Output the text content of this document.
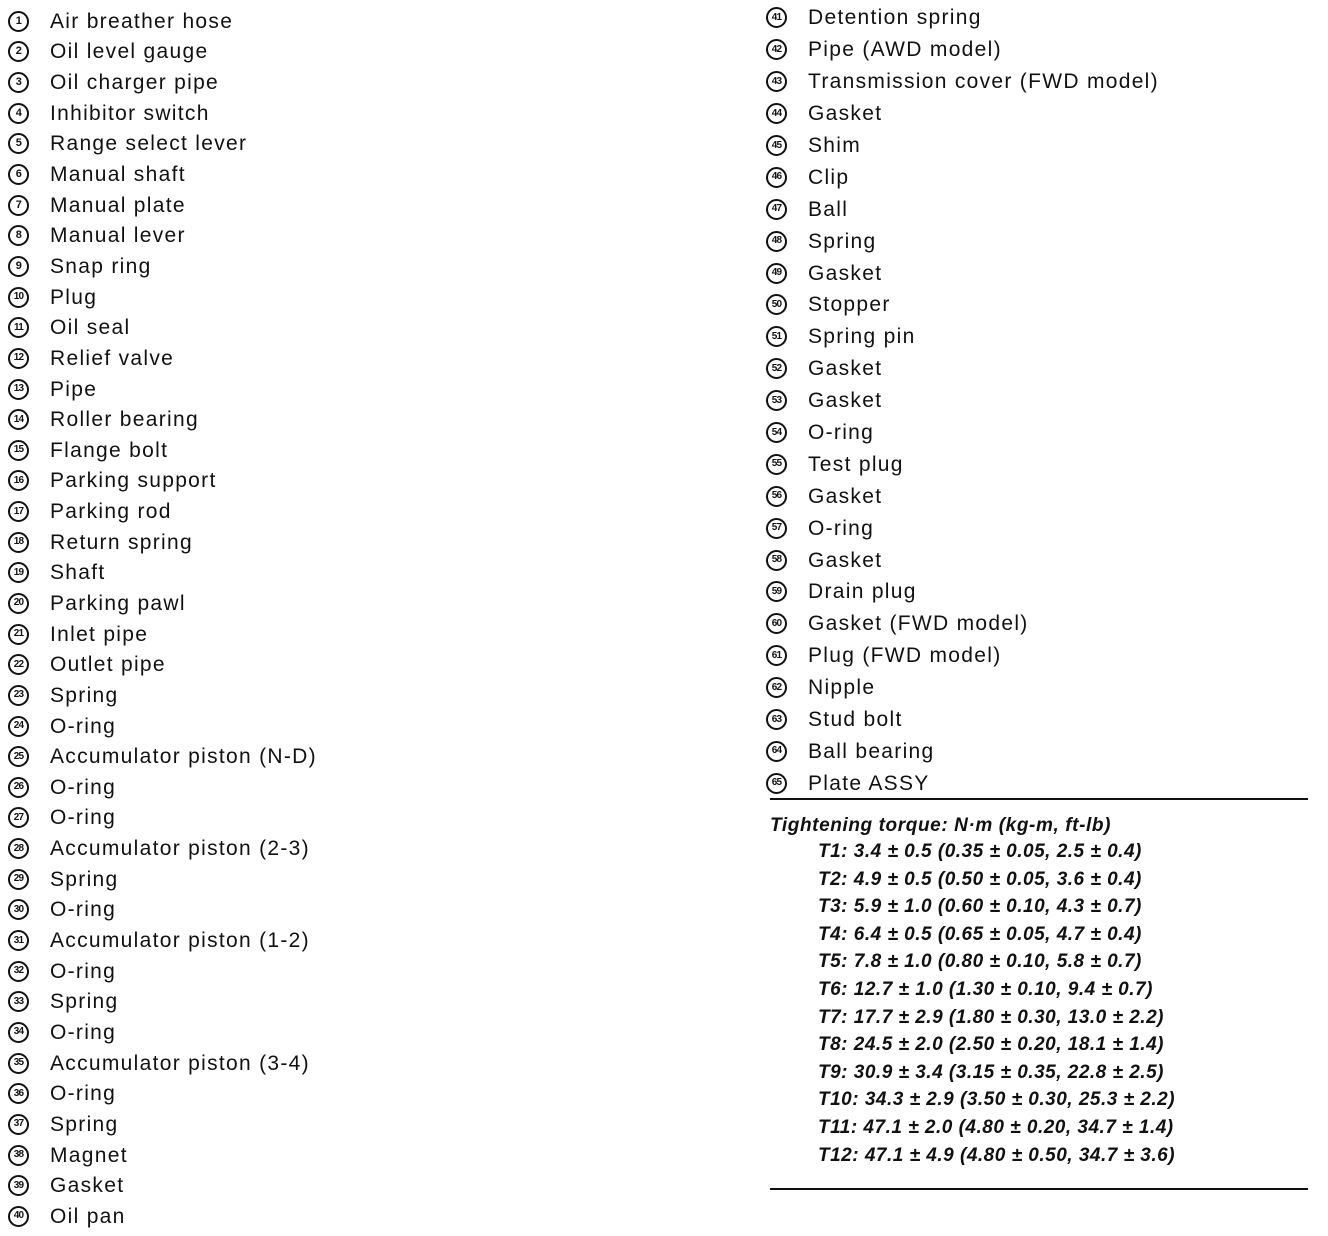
1	Air breather hose
2	Oil level gauge
3	Oil charger pipe
4	Inhibitor switch
5	Range select lever
6	Manual shaft
7	Manual plate
8	Manual lever
9	Snap ring
10 Plug
11 Oil seal
12 Relief valve
13 Pipe
14 Roller bearing
15 Flange bolt
16 Parking support
17 Parking rod
18 Return spring
19 Shaft
20 Parking pawl
21 Inlet pipe
22 Outlet pipe
23 Spring
24 O-ring
25 Accumulator piston (N-D)
26 O-ring
27 O-ring
28 Accumulator piston (2-3)
29 Spring
30 O-ring
31 Accumulator piston (1-2)
32 O-ring
33 Spring
34 O-ring
35 Accumulator piston (3-4)
36 O-ring
37 Spring
38 Magnet
39 Gasket
40 Oil pan
41 Detention spring
42 Pipe (AWD model)
43 Transmission cover (FWD model)
44 Gasket
45 Shim
46 Clip
47 Ball
48 Spring
49 Gasket
50 Stopper
51 Spring pin
52 Gasket
53 Gasket
54 O-ring
55 Test plug
56 Gasket
57 O-ring
58 Gasket
59 Drain plug
60 Gasket (FWD model)
61 Plug (FWD model)
62 Nipple
63 Stud bolt
64 Ball bearing
65 Plate ASSY
Tightening torque: N·m (kg-m, ft-lb)
T1: 3.4 ± 0.5 (0.35 ± 0.05, 2.5 ± 0.4)
T2: 4.9 ± 0.5 (0.50 ± 0.05, 3.6 ± 0.4)
T3: 5.9 ± 1.0 (0.60 ± 0.10, 4.3 ± 0.7)
T4: 6.4 ± 0.5 (0.65 ± 0.05, 4.7 ± 0.4)
T5: 7.8 ± 1.0 (0.80 ± 0.10, 5.8 ± 0.7)
T6: 12.7 ± 1.0 (1.30 ± 0.10, 9.4 ± 0.7)
T7: 17.7 ± 2.9 (1.80 ± 0.30, 13.0 ± 2.2)
T8: 24.5 ± 2.0 (2.50 ± 0.20, 18.1 ± 1.4)
T9: 30.9 ± 3.4 (3.15 ± 0.35, 22.8 ± 2.5)
T10: 34.3 ± 2.9 (3.50 ± 0.30, 25.3 ± 2.2)
T11: 47.1 ± 2.0 (4.80 ± 0.20, 34.7 ± 1.4)
T12: 47.1 ± 4.9 (4.80 ± 0.50, 34.7 ± 3.6)
